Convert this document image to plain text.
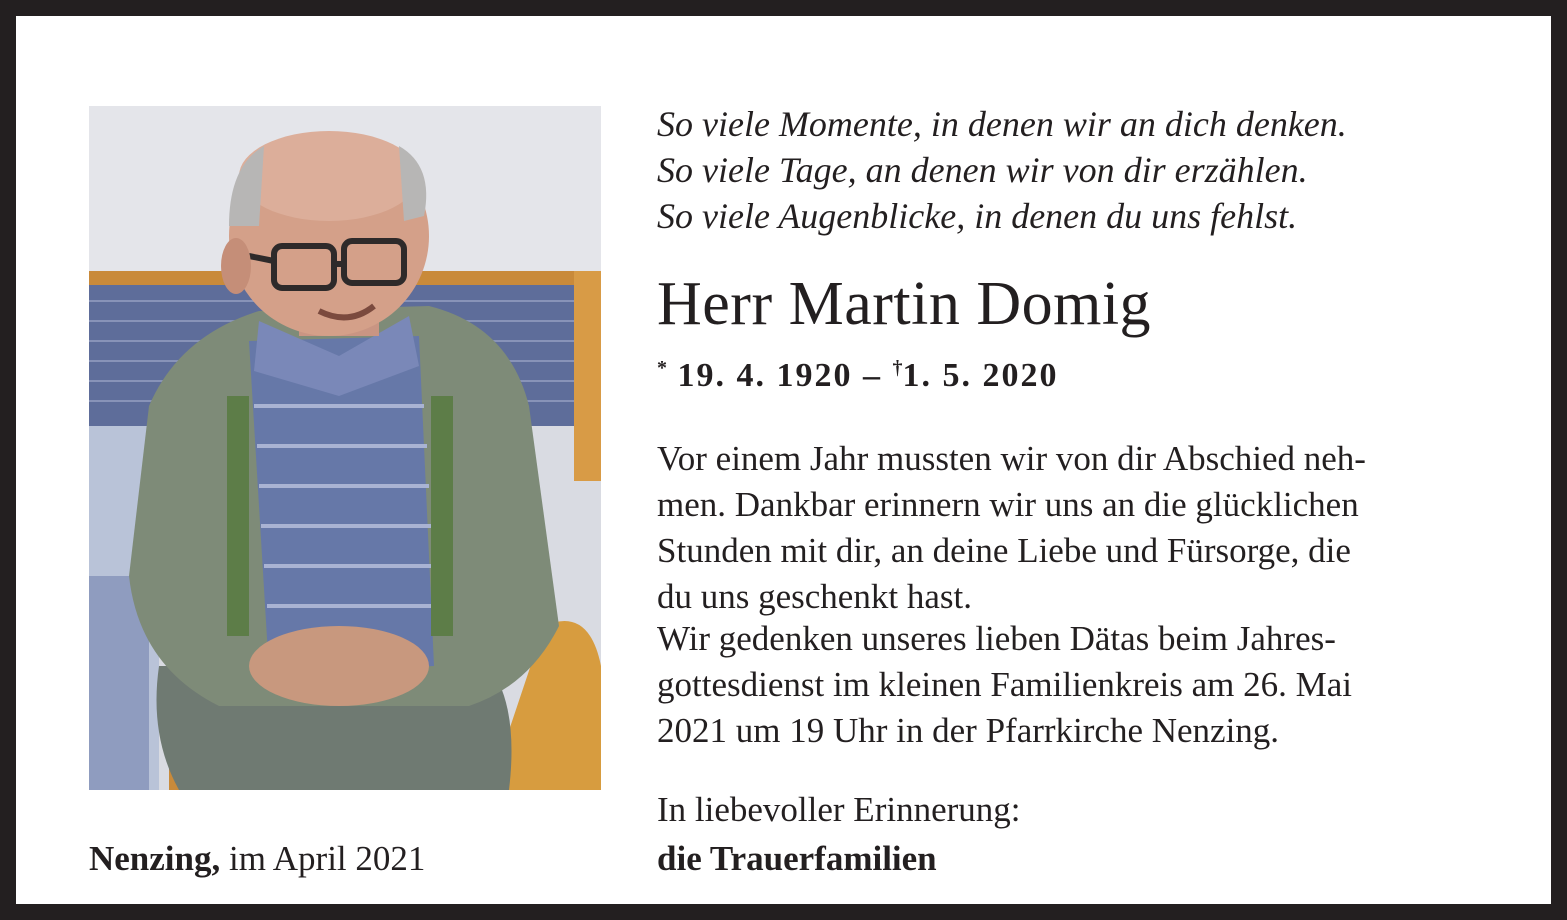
So viele Momente, in denen wir an dich denken.
So viele Tage, an denen wir von dir erzählen.
So viele Augenblicke, in denen du uns fehlst.
Herr Martin Domig
* 19. 4. 1920 – †1. 5. 2020
Vor einem Jahr mussten wir von dir Abschied neh-
men. Dankbar erinnern wir uns an die glücklichen
Stunden mit dir, an deine Liebe und Fürsorge, die
du uns geschenkt hast.
Wir gedenken unseres lieben Dätas beim Jahres-
gottesdienst im kleinen Familienkreis am 26. Mai
2021 um 19 Uhr in der Pfarrkirche Nenzing.
In liebevoller Erinnerung:
die Trauerfamilien
Nenzing, im April 2021
